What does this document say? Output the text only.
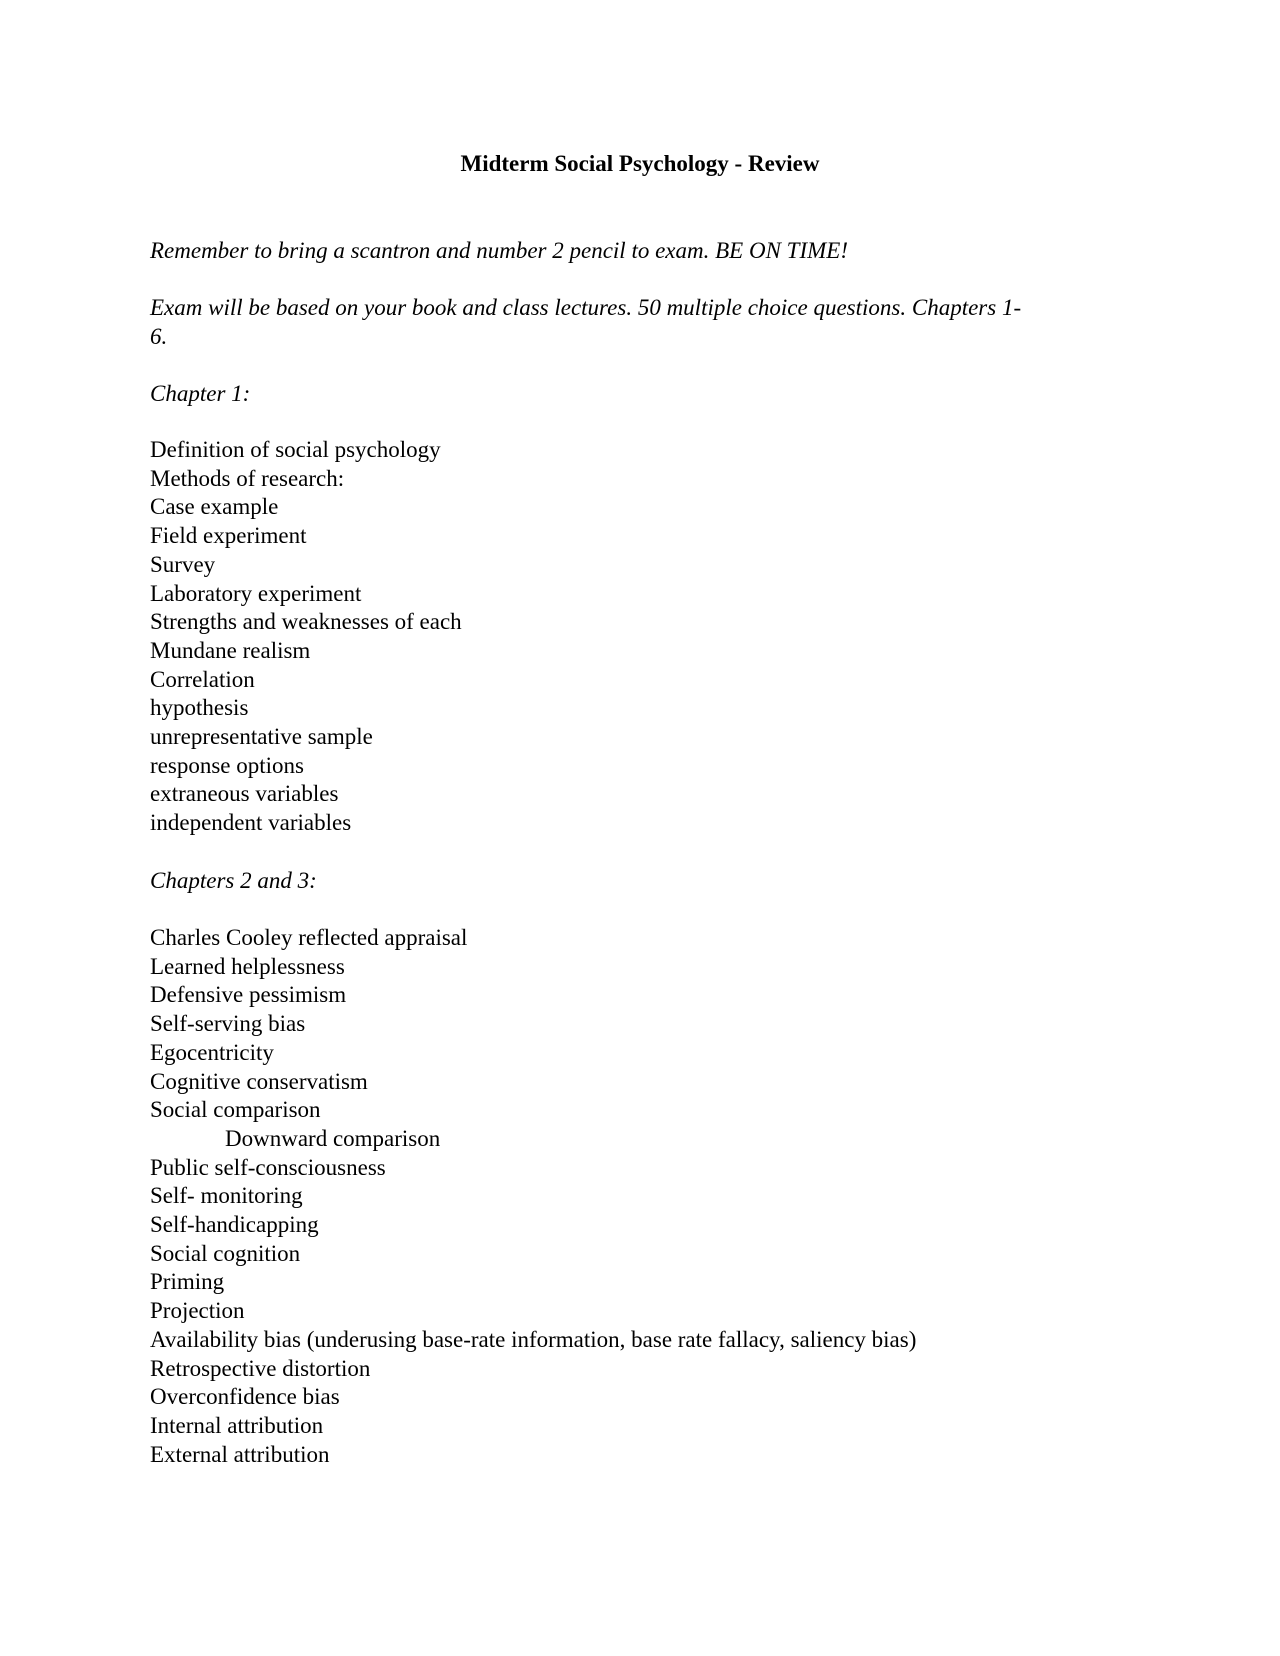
Midterm Social Psychology - Review
Remember to bring a scantron and number 2 pencil to exam. BE ON TIME!
Exam will be based on your book and class lectures. 50 multiple choice questions. Chapters 1-
6.
Chapter 1:
Definition of social psychology
Methods of research:
Case example
Field experiment
Survey
Laboratory experiment
Strengths and weaknesses of each
Mundane realism
Correlation
hypothesis
unrepresentative sample
response options
extraneous variables
independent variables
Chapters 2 and 3:
Charles Cooley reflected appraisal
Learned helplessness
Defensive pessimism
Self-serving bias
Egocentricity
Cognitive conservatism
Social comparison
Downward comparison
Public self-consciousness
Self- monitoring
Self-handicapping
Social cognition
Priming
Projection
Availability bias (underusing base-rate information, base rate fallacy, saliency bias)
Retrospective distortion
Overconfidence bias
Internal attribution
External attribution
